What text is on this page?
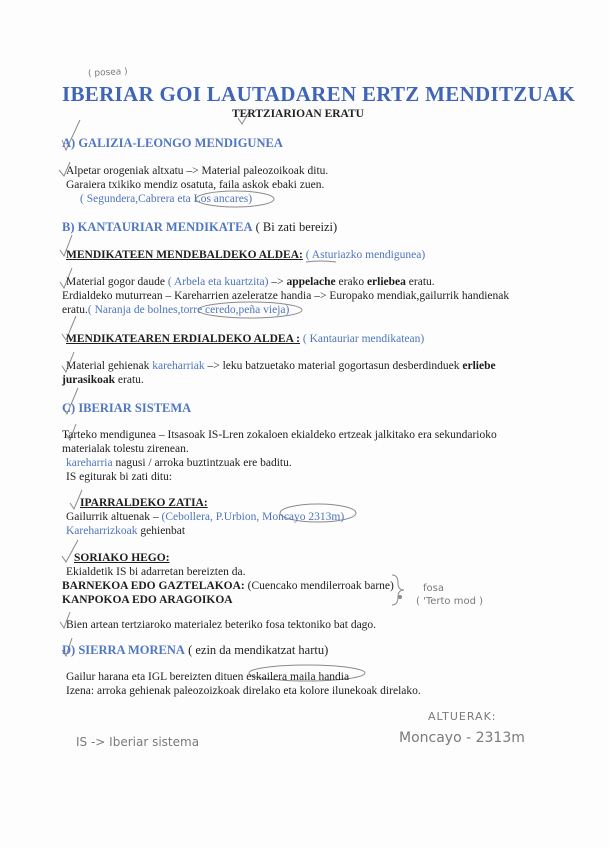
( posea )
fosa
( 'Terto mod )
IS -> Iberiar sistema
ALTUERAK:
Moncayo - 2313m
IBERIAR GOI LAUTADAREN ERTZ MENDITZUAK
TERTZIARIOAN ERATU
A) GALIZIA-LEONGO MENDIGUNEA
Alpetar orogeniak altxatu –> Material paleozoikoak ditu.
Garaiera txikiko mendiz osatuta, faila askok ebaki zuen.
( Segundera,Cabrera eta Los ancares)
B) KANTAURIAR MENDIKATEA ( Bi zati bereizi)
MENDIKATEEN MENDEBALDEKO ALDEA: ( Asturiazko mendigunea)
Material gogor daude ( Arbela eta kuartzita) –> appelache erako erliebea eratu.
Erdialdeko muturrean – Kareharrien azeleratze handia –> Europako mendiak,gailurrik handienak
eratu.( Naranja de bolnes,torre ceredo,peña vieja)
MENDIKATEAREN ERDIALDEKO ALDEA : ( Kantauriar mendikatean)
Material gehienak kareharriak –> leku batzuetako material gogortasun desberdinduek erliebe
jurasikoak eratu.
C) IBERIAR SISTEMA
Tarteko mendigunea – Itsasoak IS-Lren zokaloen ekialdeko ertzeak jalkitako era sekundarioko
materialak tolestu zirenean.
kareharria nagusi / arroka buztintzuak ere baditu.
IS egiturak bi zati ditu:
IPARRALDEKO ZATIA:
Gailurrik altuenak – (Cebollera, P.Urbion, Moncayo 2313m)
Kareharrizkoak gehienbat
SORIAKO HEGO:
Ekialdetik IS bi adarretan bereizten da.
BARNEKOA EDO GAZTELAKOA: (Cuencako mendilerroak barne)
KANPOKOA EDO ARAGOIKOA
Bien artean tertziaroko materialez beteriko fosa tektoniko bat dago.
D) SIERRA MORENA ( ezin da mendikatzat hartu)
Gailur harana eta IGL bereizten dituen eskailera maila handia
Izena: arroka gehienak paleozoizkoak direlako eta kolore ilunekoak direlako.
